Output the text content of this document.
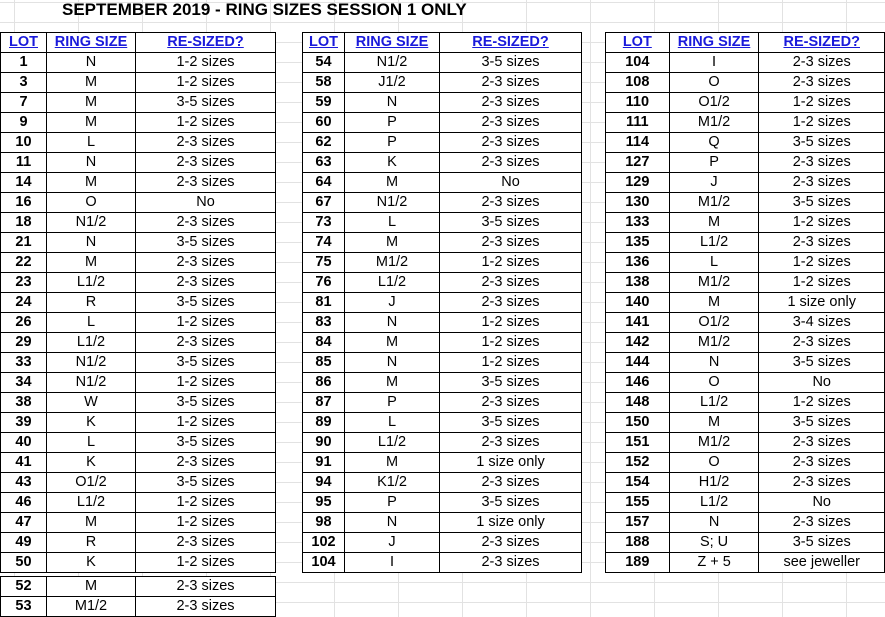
SEPTEMBER 2019 - RING SIZES SESSION 1 ONLY
LOT	RING SIZE	RE-SIZED?
1	N	1-2 sizes
3	M	1-2 sizes
7	M	3-5 sizes
9	M	1-2 sizes
10	L	2-3 sizes
11	N	2-3 sizes
14	M	2-3 sizes
16	O	No
18	N1/2	2-3 sizes
21	N	3-5 sizes
22	M	2-3 sizes
23	L1/2	2-3 sizes
24	R	3-5 sizes
26	L	1-2 sizes
29	L1/2	2-3 sizes
33	N1/2	3-5 sizes
34	N1/2	1-2 sizes
38	W	3-5 sizes
39	K	1-2 sizes
40	L	3-5 sizes
41	K	2-3 sizes
43	O1/2	3-5 sizes
46	L1/2	1-2 sizes
47	M	1-2 sizes
49	R	2-3 sizes
50	K	1-2 sizes
LOT	RING SIZE	RE-SIZED?
54	N1/2	3-5 sizes
58	J1/2	2-3 sizes
59	N	2-3 sizes
60	P	2-3 sizes
62	P	2-3 sizes
63	K	2-3 sizes
64	M	No
67	N1/2	2-3 sizes
73	L	3-5 sizes
74	M	2-3 sizes
75	M1/2	1-2 sizes
76	L1/2	2-3 sizes
81	J	2-3 sizes
83	N	1-2 sizes
84	M	1-2 sizes
85	N	1-2 sizes
86	M	3-5 sizes
87	P	2-3 sizes
89	L	3-5 sizes
90	L1/2	2-3 sizes
91	M	1 size only
94	K1/2	2-3 sizes
95	P	3-5 sizes
98	N	1 size only
102	J	2-3 sizes
104	I	2-3 sizes
LOT	RING SIZE	RE-SIZED?
104	I	2-3 sizes
108	O	2-3 sizes
110	O1/2	1-2 sizes
111	M1/2	1-2 sizes
114	Q	3-5 sizes
127	P	2-3 sizes
129	J	2-3 sizes
130	M1/2	3-5 sizes
133	M	1-2 sizes
135	L1/2	2-3 sizes
136	L	1-2 sizes
138	M1/2	1-2 sizes
140	M	1 size only
141	O1/2	3-4 sizes
142	M1/2	2-3 sizes
144	N	3-5 sizes
146	O	No
148	L1/2	1-2 sizes
150	M	3-5 sizes
151	M1/2	2-3 sizes
152	O	2-3 sizes
154	H1/2	2-3 sizes
155	L1/2	No
157	N	2-3 sizes
188	S; U	3-5 sizes
189	Z + 5	see jeweller
52	M	2-3 sizes
53	M1/2	2-3 sizes
